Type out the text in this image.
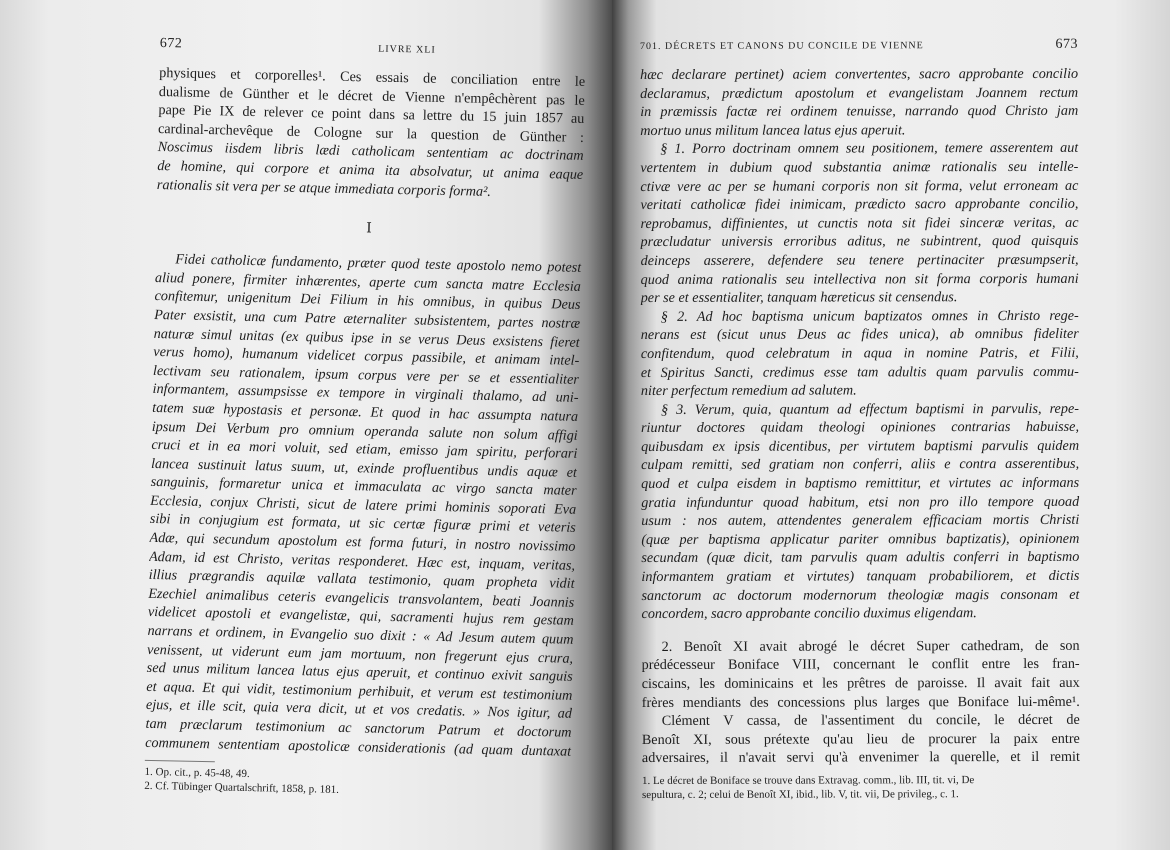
672	LIVRE XLI
physiques et corporelles¹. Ces essais de conciliation entre le
dualisme de Günther et le décret de Vienne n'empêchèrent pas le
pape Pie IX de relever ce point dans sa lettre du 15 juin 1857 au
cardinal-archevêque de Cologne sur la question de Günther :
Noscimus iisdem libris lædi catholicam sententiam ac doctrinam
de homine, qui corpore et anima ita absolvatur, ut anima eaque
rationalis sit vera per se atque immediata corporis forma².
I
Fidei catholicæ fundamento, præter quod teste apostolo nemo potest
aliud ponere, firmiter inhærentes, aperte cum sancta matre Ecclesia
confitemur, unigenitum Dei Filium in his omnibus, in quibus Deus
Pater exsistit, una cum Patre æternaliter subsistentem, partes nostræ
naturæ simul unitas (ex quibus ipse in se verus Deus exsistens fieret
verus homo), humanum videlicet corpus passibile, et animam intel-
lectivam seu rationalem, ipsum corpus vere per se et essentialiter
informantem, assumpsisse ex tempore in virginali thalamo, ad uni-
tatem suæ hypostasis et personæ. Et quod in hac assumpta natura
ipsum Dei Verbum pro omnium operanda salute non solum affigi
cruci et in ea mori voluit, sed etiam, emisso jam spiritu, perforari
lancea sustinuit latus suum, ut, exinde profluentibus undis aquæ et
sanguinis, formaretur unica et immaculata ac virgo sancta mater
Ecclesia, conjux Christi, sicut de latere primi hominis soporati Eva
sibi in conjugium est formata, ut sic certæ figuræ primi et veteris
Adæ, qui secundum apostolum est forma futuri, in nostro novissimo
Adam, id est Christo, veritas responderet. Hæc est, inquam, veritas,
illius prægrandis aquilæ vallata testimonio, quam propheta vidit
Ezechiel animalibus ceteris evangelicis transvolantem, beati Joannis
videlicet apostoli et evangelistæ, qui, sacramenti hujus rem gestam
narrans et ordinem, in Evangelio suo dixit : « Ad Jesum autem quum
venissent, ut viderunt eum jam mortuum, non fregerunt ejus crura,
sed unus militum lancea latus ejus aperuit, et continuo exivit sanguis
et aqua. Et qui vidit, testimonium perhibuit, et verum est testimonium
ejus, et ille scit, quia vera dicit, ut et vos credatis. » Nos igitur, ad
tam præclarum testimonium ac sanctorum Patrum et doctorum
communem sententiam apostolicæ considerationis (ad quam duntaxat
1. Op. cit., p. 45-48, 49.
2. Cf. Tübinger Quartalschrift, 1858, p. 181.
701. DÉCRETS ET CANONS DU CONCILE DE VIENNE	673
hæc declarare pertinet) aciem convertentes, sacro approbante concilio
declaramus, prædictum apostolum et evangelistam Joannem rectum
in præmissis factæ rei ordinem tenuisse, narrando quod Christo jam
mortuo unus militum lancea latus ejus aperuit.
§ 1. Porro doctrinam omnem seu positionem, temere asserentem aut
vertentem in dubium quod substantia animæ rationalis seu intelle-
ctivæ vere ac per se humani corporis non sit forma, velut erroneam ac
veritati catholicæ fidei inimicam, prædicto sacro approbante concilio,
reprobamus, diffinientes, ut cunctis nota sit fidei sinceræ veritas, ac
præcludatur universis erroribus aditus, ne subintrent, quod quisquis
deinceps asserere, defendere seu tenere pertinaciter præsumpserit,
quod anima rationalis seu intellectiva non sit forma corporis humani
per se et essentialiter, tanquam hæreticus sit censendus.
§ 2. Ad hoc baptisma unicum baptizatos omnes in Christo rege-
nerans est (sicut unus Deus ac fides unica), ab omnibus fideliter
confitendum, quod celebratum in aqua in nomine Patris, et Filii,
et Spiritus Sancti, credimus esse tam adultis quam parvulis commu-
niter perfectum remedium ad salutem.
§ 3. Verum, quia, quantum ad effectum baptismi in parvulis, repe-
riuntur doctores quidam theologi opiniones contrarias habuisse,
quibusdam ex ipsis dicentibus, per virtutem baptismi parvulis quidem
culpam remitti, sed gratiam non conferri, aliis e contra asserentibus,
quod et culpa eisdem in baptismo remittitur, et virtutes ac informans
gratia infunduntur quoad habitum, etsi non pro illo tempore quoad
usum : nos autem, attendentes generalem efficaciam mortis Christi
(quæ per baptisma applicatur pariter omnibus baptizatis), opinionem
secundam (quæ dicit, tam parvulis quam adultis conferri in baptismo
informantem gratiam et virtutes) tanquam probabiliorem, et dictis
sanctorum ac doctorum modernorum theologiæ magis consonam et
concordem, sacro approbante concilio duximus eligendam.
2. Benoît XI avait abrogé le décret Super cathedram, de son
prédécesseur Boniface VIII, concernant le conflit entre les fran-
ciscains, les dominicains et les prêtres de paroisse. Il avait fait aux
frères mendiants des concessions plus larges que Boniface lui-même¹.
Clément V cassa, de l'assentiment du concile, le décret de
Benoît XI, sous prétexte qu'au lieu de procurer la paix entre
adversaires, il n'avait servi qu'à envenimer la querelle, et il remit
1. Le décret de Boniface se trouve dans Extravag. comm., lib. III, tit. vi, De
sepultura, c. 2; celui de Benoît XI, ibid., lib. V, tit. vii, De privileg., c. 1.
